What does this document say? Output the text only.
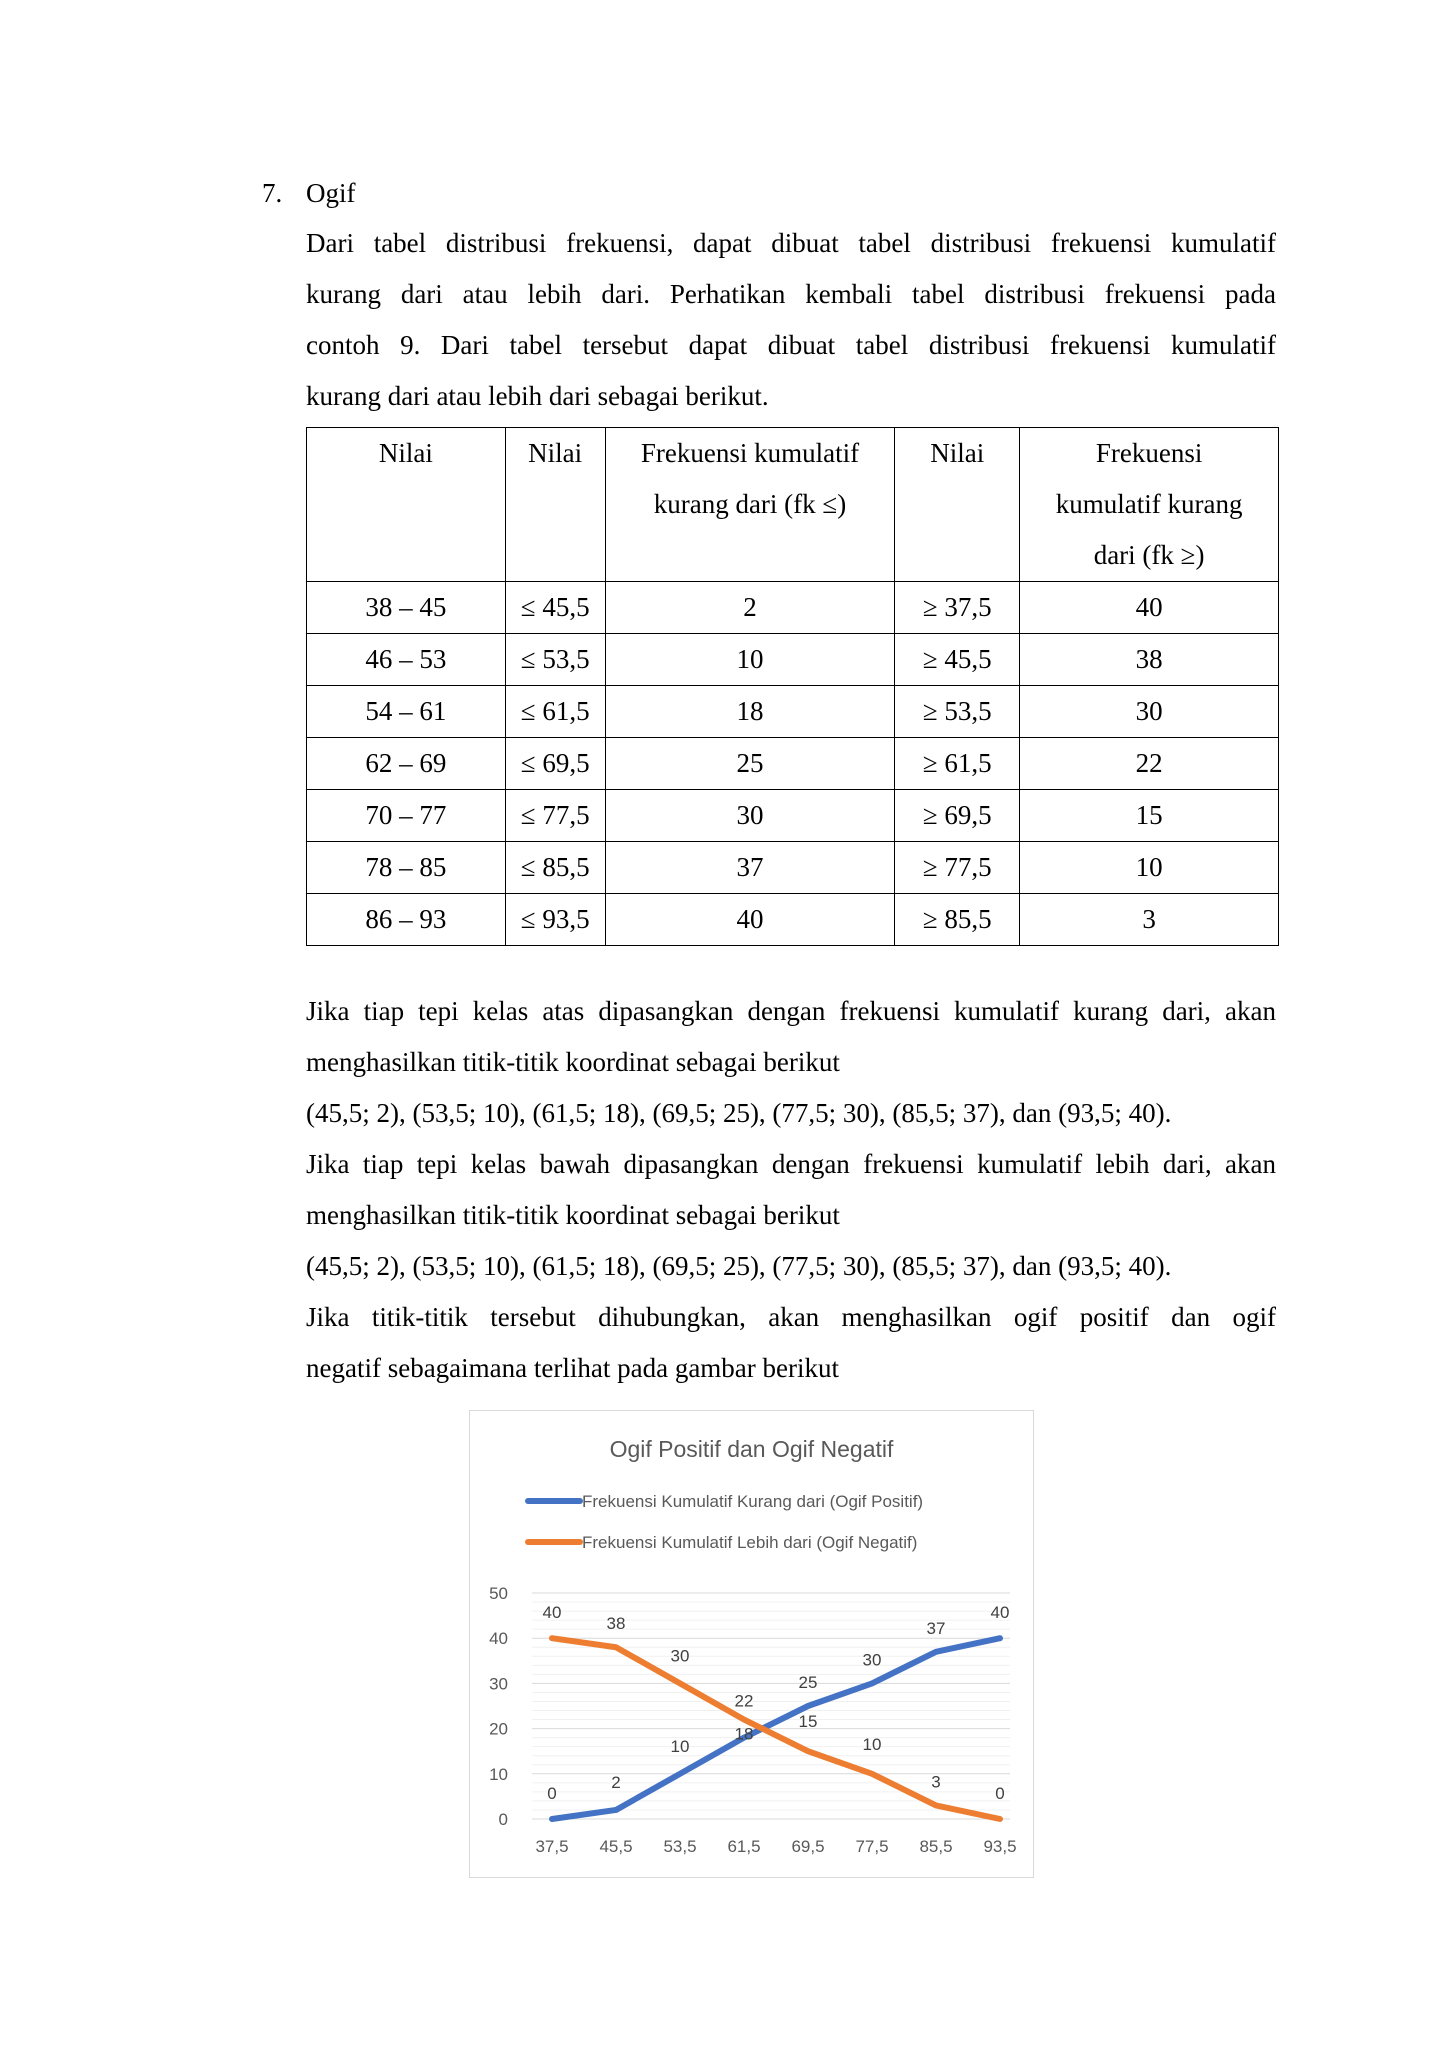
7. Ogif
Dari tabel distribusi frekuensi, dapat dibuat tabel distribusi frekuensi kumulatif
kurang dari atau lebih dari. Perhatikan kembali tabel distribusi frekuensi pada
contoh 9. Dari tabel tersebut dapat dibuat tabel distribusi frekuensi kumulatif
kurang dari atau lebih dari sebagai berikut.
Nilai	Nilai	Frekuensi kumulatif kurang dari (fk ≤)	Nilai	Frekuensi kumulatif kurang dari (fk ≥)
38 – 45	≤ 45,5	2	≥ 37,5	40
46 – 53	≤ 53,5	10	≥ 45,5	38
54 – 61	≤ 61,5	18	≥ 53,5	30
62 – 69	≤ 69,5	25	≥ 61,5	22
70 – 77	≤ 77,5	30	≥ 69,5	15
78 – 85	≤ 85,5	37	≥ 77,5	10
86 – 93	≤ 93,5	40	≥ 85,5	3
Jika tiap tepi kelas atas dipasangkan dengan frekuensi kumulatif kurang dari, akan
menghasilkan titik-titik koordinat sebagai berikut
(45,5; 2), (53,5; 10), (61,5; 18), (69,5; 25), (77,5; 30), (85,5; 37), dan (93,5; 40).
Jika tiap tepi kelas bawah dipasangkan dengan frekuensi kumulatif lebih dari, akan
menghasilkan titik-titik koordinat sebagai berikut
(45,5; 2), (53,5; 10), (61,5; 18), (69,5; 25), (77,5; 30), (85,5; 37), dan (93,5; 40).
Jika titik-titik tersebut dihubungkan, akan menghasilkan ogif positif dan ogif
negatif sebagaimana terlihat pada gambar berikut
Ogif Positif dan Ogif Negatif
Frekuensi Kumulatif Kurang dari (Ogif Positif)
Frekuensi Kumulatif Lebih dari (Ogif Negatif)
0
10
20
30
40
50
37,5 45,5 53,5 61,5 69,5 77,5 85,5 93,5
0
2
10
18
25
30
37
40
40
38
30
22
15
10
3
0
